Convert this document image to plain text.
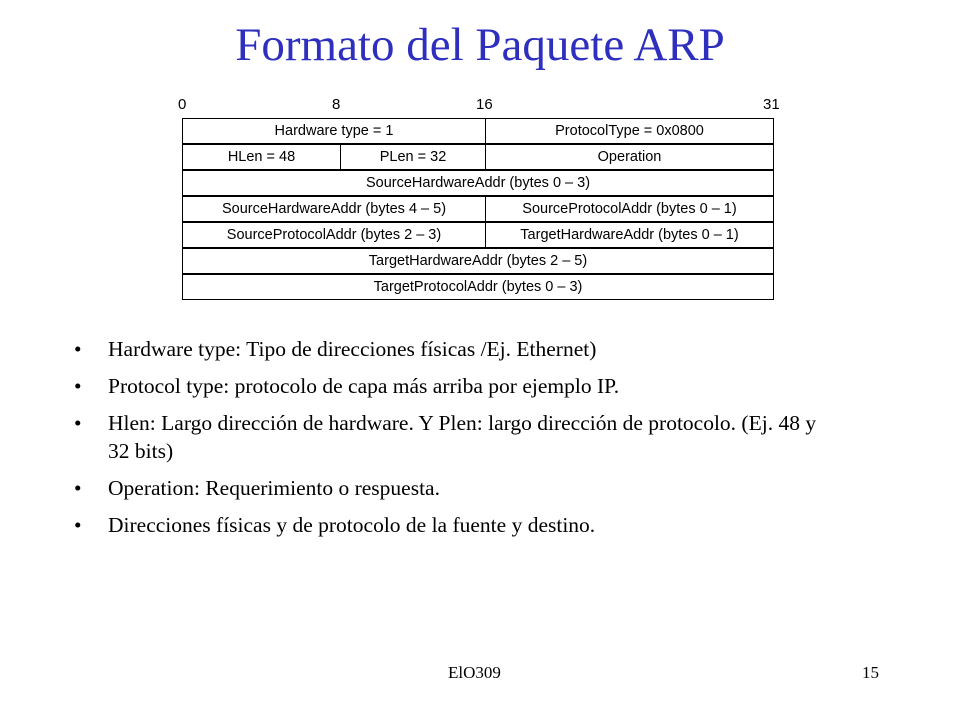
Formato del Paquete ARP
0	8	16	31
Hardware type = 1	ProtocolType = 0x0800
HLen = 48	PLen = 32	Operation
SourceHardwareAddr (bytes 0 – 3)
SourceHardwareAddr (bytes 4 – 5)	SourceProtocolAddr (bytes 0 – 1)
SourceProtocolAddr (bytes 2 – 3)	TargetHardwareAddr (bytes 0 – 1)
TargetHardwareAddr (bytes 2 – 5)
TargetProtocolAddr (bytes 0 – 3)
• Hardware type: Tipo de direcciones físicas /Ej. Ethernet)
• Protocol type: protocolo de capa más arriba por ejemplo IP.
• Hlen: Largo dirección de hardware. Y Plen: largo dirección de protocolo. (Ej. 48 y 32 bits)
• Operation: Requerimiento o respuesta.
• Direcciones físicas y de protocolo de la fuente y destino.
ElO309	15
